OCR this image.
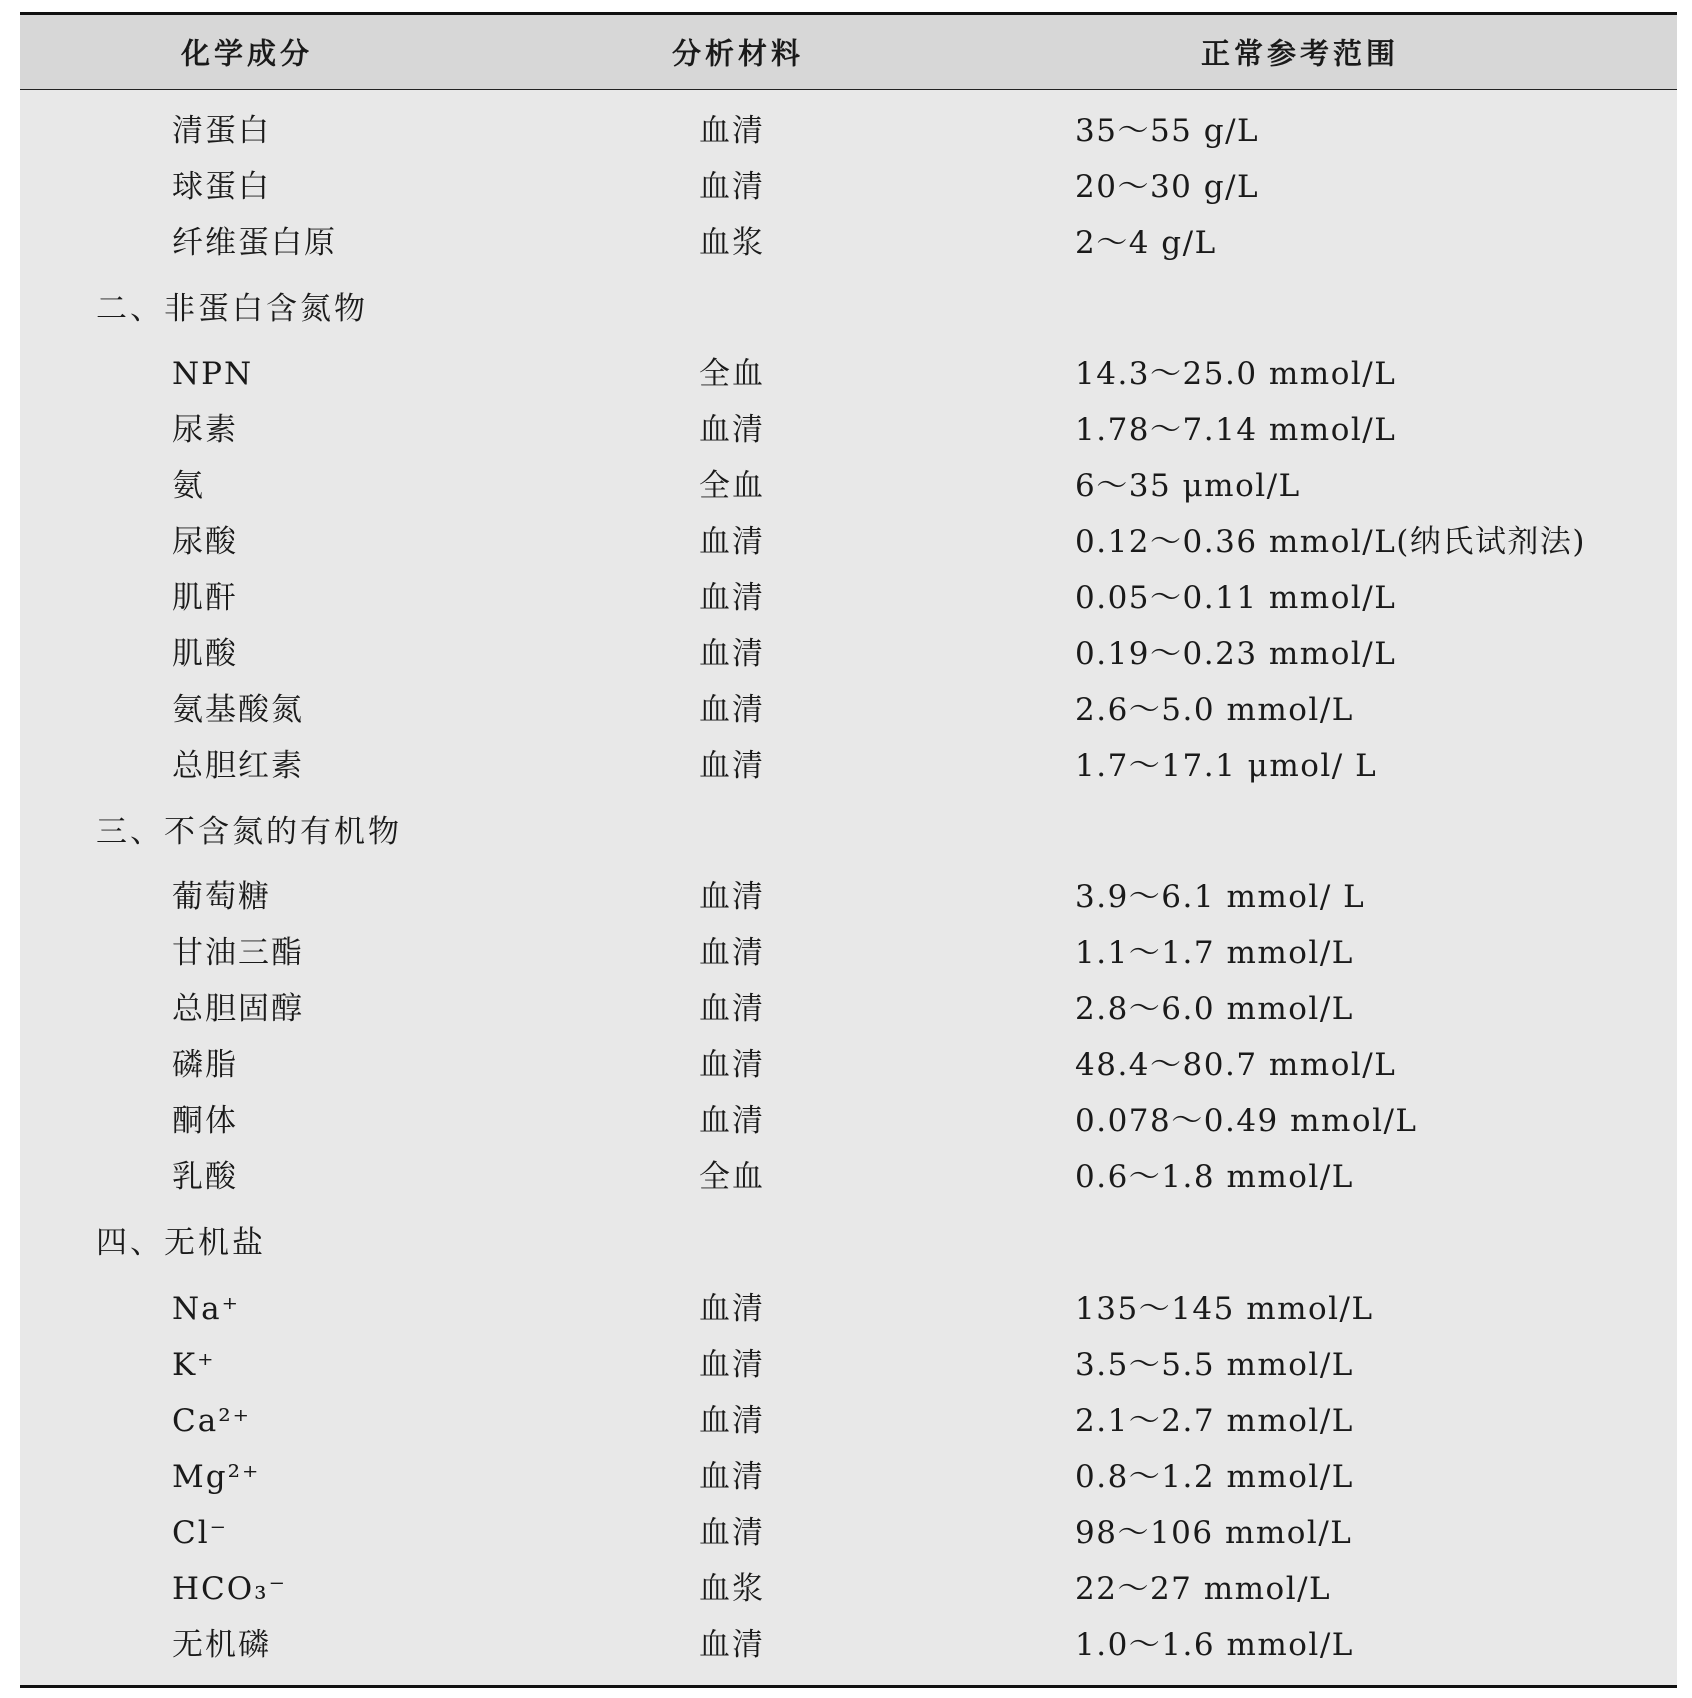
化学成分	分析材料	正常参考范围
清蛋白	血清	35～55 g/L
球蛋白	血清	20～30 g/L
纤维蛋白原	血浆	2～4 g/L
二、非蛋白含氮物
NPN	全血	14.3～25.0 mmol/L
尿素	血清	1.78～7.14 mmol/L
氨	全血	6～35 μmol/L
尿酸	血清	0.12～0.36 mmol/L(纳氏试剂法)
肌酐	血清	0.05～0.11 mmol/L
肌酸	血清	0.19～0.23 mmol/L
氨基酸氮	血清	2.6～5.0 mmol/L
总胆红素	血清	1.7～17.1 μmol/ L
三、不含氮的有机物
葡萄糖	血清	3.9～6.1 mmol/ L
甘油三酯	血清	1.1～1.7 mmol/L
总胆固醇	血清	2.8～6.0 mmol/L
磷脂	血清	48.4～80.7 mmol/L
酮体	血清	0.078～0.49 mmol/L
乳酸	全血	0.6～1.8 mmol/L
四、无机盐
Na⁺	血清	135～145 mmol/L
K⁺	血清	3.5～5.5 mmol/L
Ca²⁺	血清	2.1～2.7 mmol/L
Mg²⁺	血清	0.8～1.2 mmol/L
Cl⁻	血清	98～106 mmol/L
HCO₃⁻	血浆	22～27 mmol/L
无机磷	血清	1.0～1.6 mmol/L
